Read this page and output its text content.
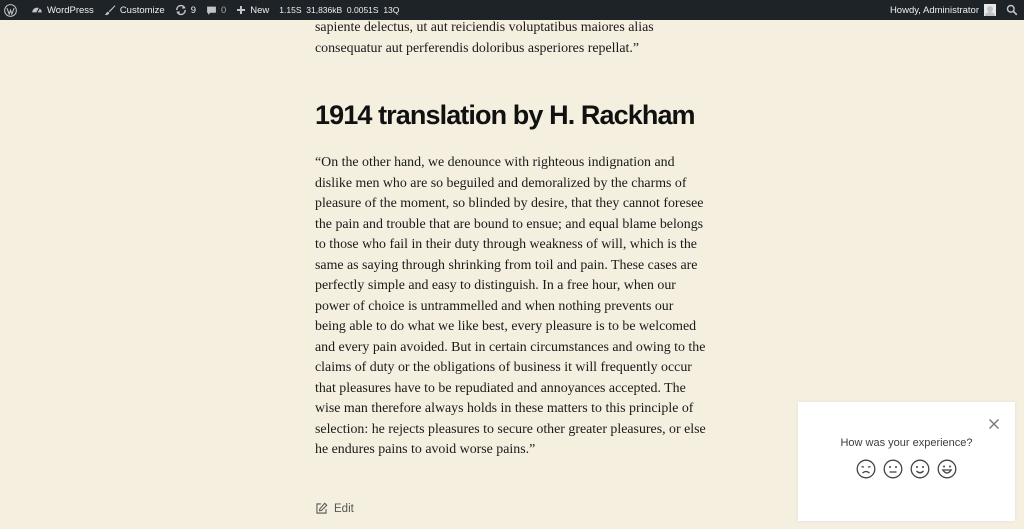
WordPress	Customize	9	0	New 1.15S
31,836kB
0.0051S
13Q	Howdy, Administrator

sapiente delectus, ut aut reiciendis voluptatibus maiores alias consequatur aut perferendis doloribus asperiores repellat.”

1914 translation by H. Rackham

“On the other hand, we denounce with righteous indignation and dislike men who are so beguiled and demoralized by the charms of pleasure of the moment, so blinded by desire, that they cannot foresee the pain and trouble that are bound to ensue; and equal blame belongs to those who fail in their duty through weakness of will, which is the same as saying through shrinking from toil and pain. These cases are perfectly simple and easy to distinguish. In a free hour, when our power of choice is untrammelled and when nothing prevents our being able to do what we like best, every pleasure is to be welcomed and every pain avoided. But in certain circumstances and owing to the claims of duty or the obligations of business it will frequently occur that pleasures have to be repudiated and annoyances accepted. The wise man therefore always holds in these matters to this principle of selection: he rejects pleasures to secure other greater pleasures, or else he endures pains to avoid worse pains.”

Edit
How was your experience?
